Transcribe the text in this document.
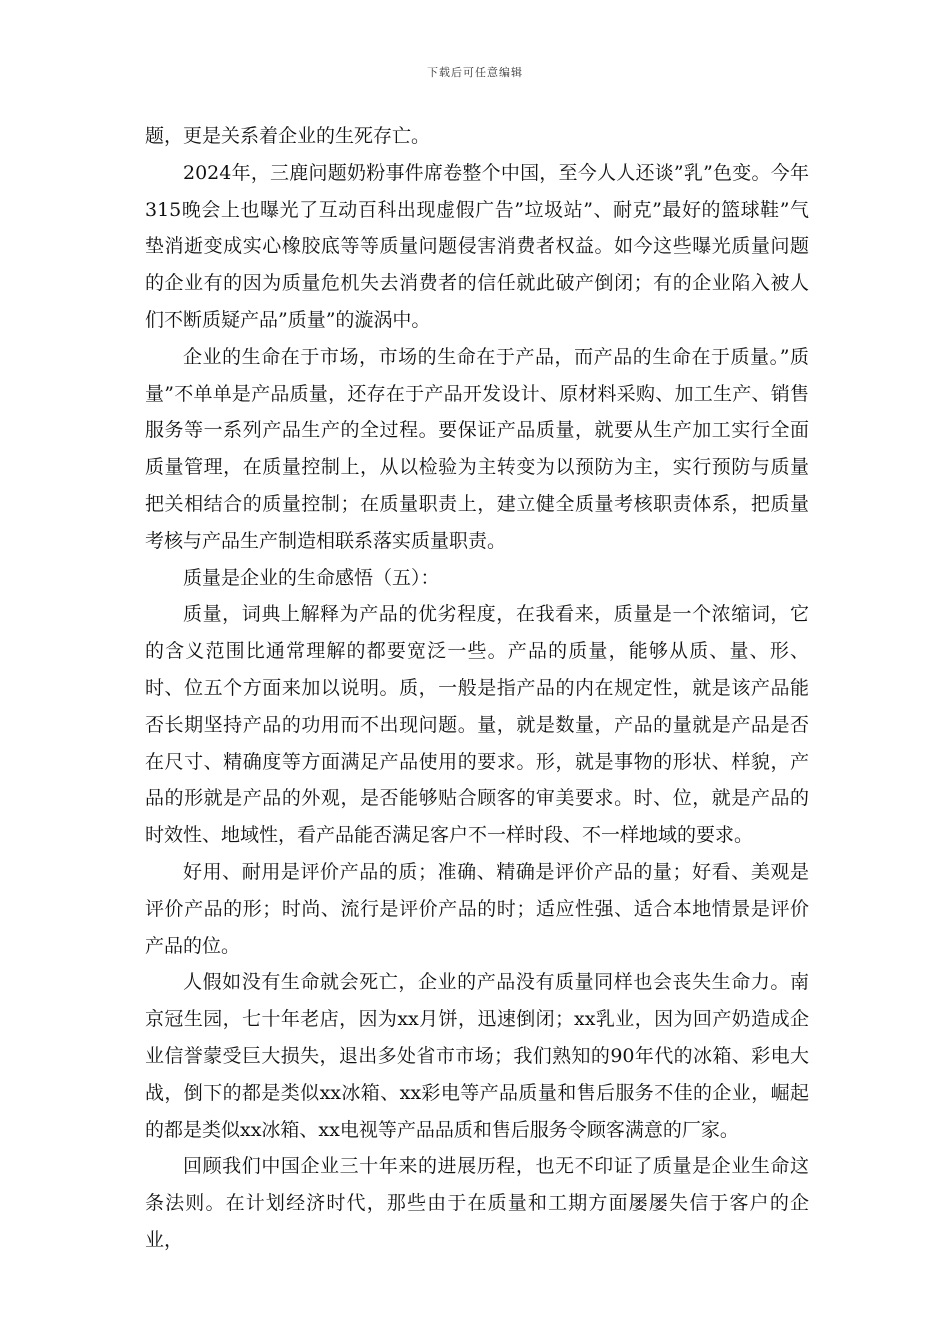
下载后可任意编辑

题，更是关系着企业的生死存亡。

2024年，三鹿问题奶粉事件席卷整个中国，至今人人还谈”乳”色变。今年315晚会上也曝光了互动百科出现虚假广告”垃圾站”、耐克”最好的篮球鞋”气垫消逝变成实心橡胶底等等质量问题侵害消费者权益。如今这些曝光质量问题的企业有的因为质量危机失去消费者的信任就此破产倒闭；有的企业陷入被人们不断质疑产品”质量”的漩涡中。

企业的生命在于市场，市场的生命在于产品，而产品的生命在于质量。”质量”不单单是产品质量，还存在于产品开发设计、原材料采购、加工生产、销售服务等一系列产品生产的全过程。要保证产品质量，就要从生产加工实行全面质量管理，在质量控制上，从以检验为主转变为以预防为主，实行预防与质量把关相结合的质量控制；在质量职责上，建立健全质量考核职责体系，把质量考核与产品生产制造相联系落实质量职责。

质量是企业的生命感悟（五）：

质量，词典上解释为产品的优劣程度，在我看来，质量是一个浓缩词，它的含义范围比通常理解的都要宽泛一些。产品的质量，能够从质、量、形、时、位五个方面来加以说明。质，一般是指产品的内在规定性，就是该产品能否长期坚持产品的功用而不出现问题。量，就是数量，产品的量就是产品是否在尺寸、精确度等方面满足产品使用的要求。形，就是事物的形状、样貌，产品的形就是产品的外观，是否能够贴合顾客的审美要求。时、位，就是产品的时效性、地域性，看产品能否满足客户不一样时段、不一样地域的要求。

好用、耐用是评价产品的质；准确、精确是评价产品的量；好看、美观是评价产品的形；时尚、流行是评价产品的时；适应性强、适合本地情景是评价产品的位。

人假如没有生命就会死亡，企业的产品没有质量同样也会丧失生命力。南京冠生园，七十年老店，因为xx月饼，迅速倒闭；xx乳业，因为回产奶造成企业信誉蒙受巨大损失，退出多处省市市场；我们熟知的90年代的冰箱、彩电大战，倒下的都是类似xx冰箱、xx彩电等产品质量和售后服务不佳的企业，崛起的都是类似xx冰箱、xx电视等产品品质和售后服务令顾客满意的厂家。

回顾我们中国企业三十年来的进展历程，也无不印证了质量是企业生命这条法则。在计划经济时代，那些由于在质量和工期方面屡屡失信于客户的企业，
